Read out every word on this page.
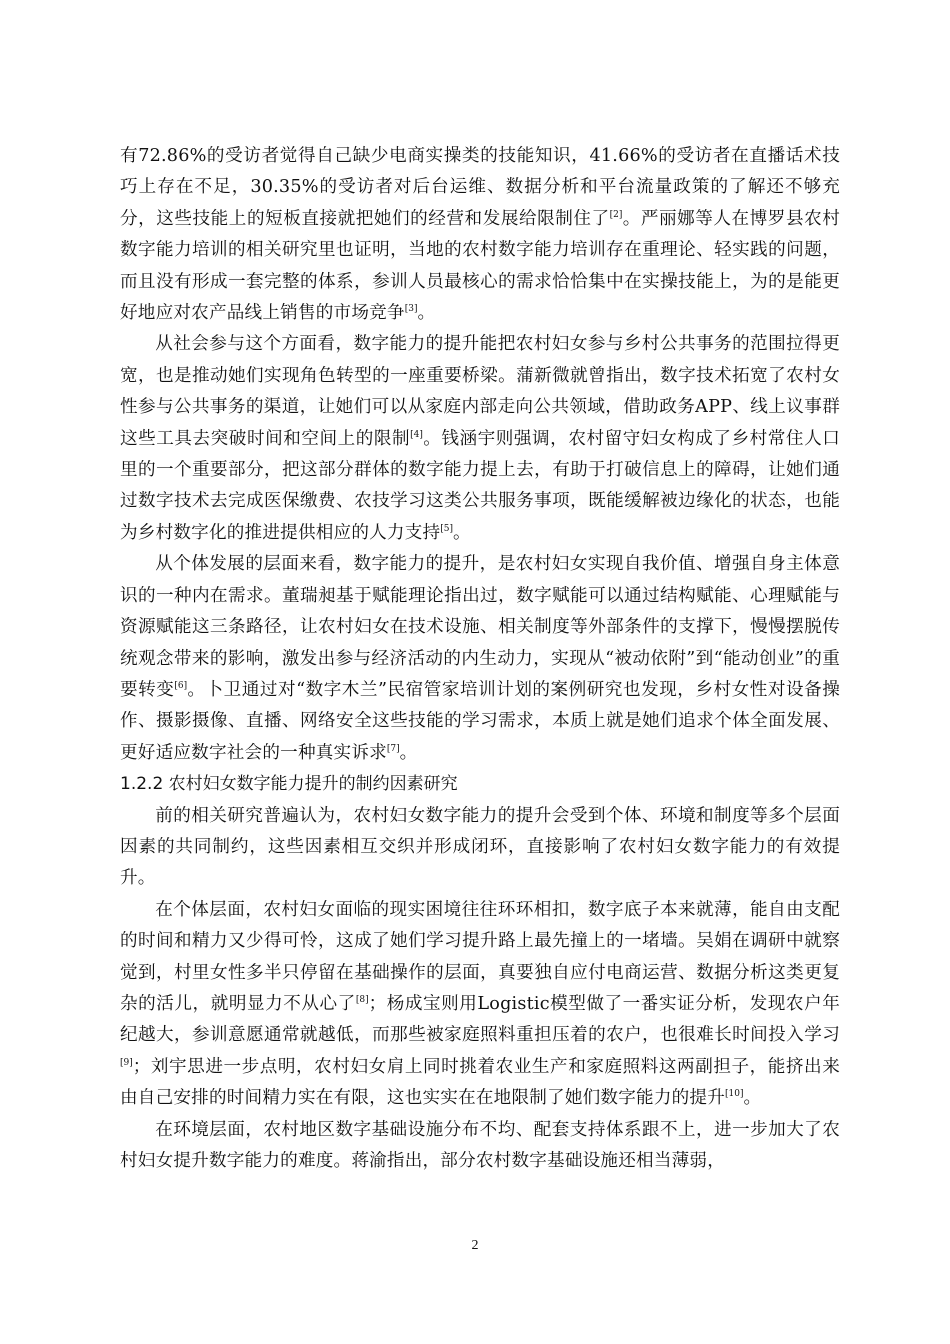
有72.86%的受访者觉得自己缺少电商实操类的技能知识，41.66%的受访者在直播话术技巧上存在不足，30.35%的受访者对后台运维、数据分析和平台流量政策的了解还不够充分，这些技能上的短板直接就把她们的经营和发展给限制住了[2]。严丽娜等人在博罗县农村数字能力培训的相关研究里也证明，当地的农村数字能力培训存在重理论、轻实践的问题，而且没有形成一套完整的体系，参训人员最核心的需求恰恰集中在实操技能上，为的是能更好地应对农产品线上销售的市场竞争[3]。

从社会参与这个方面看，数字能力的提升能把农村妇女参与乡村公共事务的范围拉得更宽，也是推动她们实现角色转型的一座重要桥梁。蒲新微就曾指出，数字技术拓宽了农村女性参与公共事务的渠道，让她们可以从家庭内部走向公共领域，借助政务APP、线上议事群这些工具去突破时间和空间上的限制[4]。钱涵宇则强调，农村留守妇女构成了乡村常住人口里的一个重要部分，把这部分群体的数字能力提上去，有助于打破信息上的障碍，让她们通过数字技术去完成医保缴费、农技学习这类公共服务事项，既能缓解被边缘化的状态，也能为乡村数字化的推进提供相应的人力支持[5]。

从个体发展的层面来看，数字能力的提升，是农村妇女实现自我价值、增强自身主体意识的一种内在需求。董瑞昶基于赋能理论指出过，数字赋能可以通过结构赋能、心理赋能与资源赋能这三条路径，让农村妇女在技术设施、相关制度等外部条件的支撑下，慢慢摆脱传统观念带来的影响，激发出参与经济活动的内生动力，实现从“被动依附”到“能动创业”的重要转变[6]。卜卫通过对“数字木兰”民宿管家培训计划的案例研究也发现，乡村女性对设备操作、摄影摄像、直播、网络安全这些技能的学习需求，本质上就是她们追求个体全面发展、更好适应数字社会的一种真实诉求[7]。

1.2.2 农村妇女数字能力提升的制约因素研究

前的相关研究普遍认为，农村妇女数字能力的提升会受到个体、环境和制度等多个层面因素的共同制约，这些因素相互交织并形成闭环，直接影响了农村妇女数字能力的有效提升。

在个体层面，农村妇女面临的现实困境往往环环相扣，数字底子本来就薄，能自由支配的时间和精力又少得可怜，这成了她们学习提升路上最先撞上的一堵墙。吴娟在调研中就察觉到，村里女性多半只停留在基础操作的层面，真要独自应付电商运营、数据分析这类更复杂的活儿，就明显力不从心了[8]；杨成宝则用Logistic模型做了一番实证分析，发现农户年纪越大，参训意愿通常就越低，而那些被家庭照料重担压着的农户，也很难长时间投入学习[9]；刘宇思进一步点明，农村妇女肩上同时挑着农业生产和家庭照料这两副担子，能挤出来由自己安排的时间精力实在有限，这也实实在在地限制了她们数字能力的提升[10]。

在环境层面，农村地区数字基础设施分布不均、配套支持体系跟不上，进一步加大了农村妇女提升数字能力的难度。蒋渝指出，部分农村数字基础设施还相当薄弱，

2
